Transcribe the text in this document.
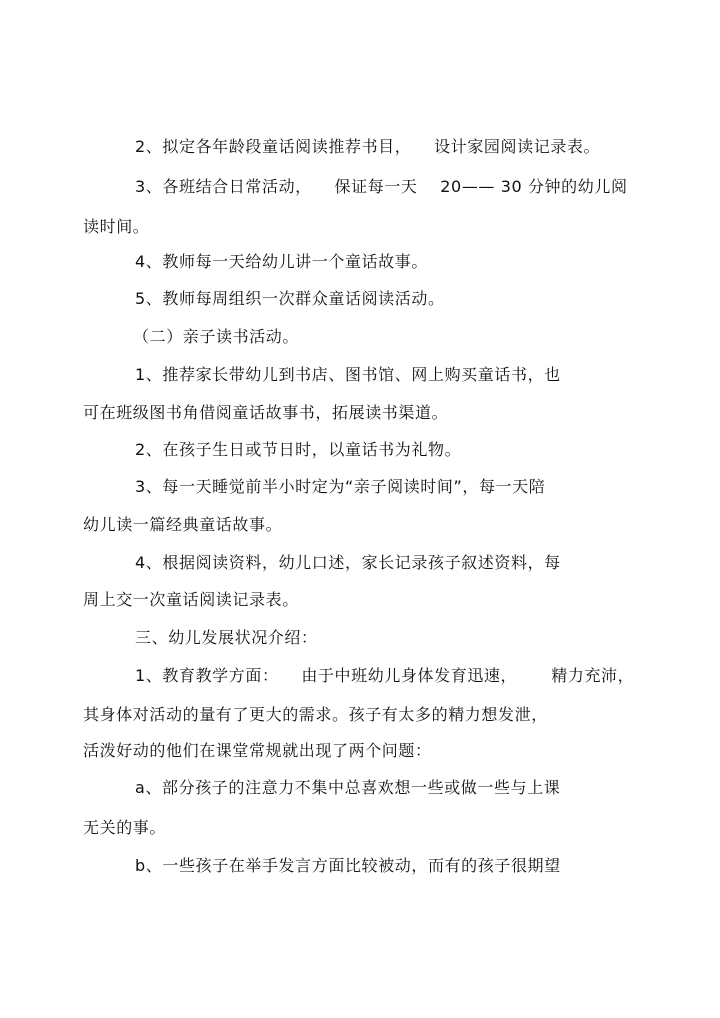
2、拟定各年龄段童话阅读推荐书目，    设计家园阅读记录表。
3、各班结合日常活动，    保证每一天    20—— 30 分钟的幼儿阅
读时间。
4、教师每一天给幼儿讲一个童话故事。
5、教师每周组织一次群众童话阅读活动。
（二）亲子读书活动。
1、推荐家长带幼儿到书店、图书馆、网上购买童话书，也
可在班级图书角借阅童话故事书，拓展读书渠道。
2、在孩子生日或节日时，以童话书为礼物。
3、每一天睡觉前半小时定为“亲子阅读时间”，每一天陪
幼儿读一篇经典童话故事。
4、根据阅读资料，幼儿口述，家长记录孩子叙述资料，每
周上交一次童话阅读记录表。
三、幼儿发展状况介绍：
1、教育教学方面：    由于中班幼儿身体发育迅速，      精力充沛，
其身体对活动的量有了更大的需求。孩子有太多的精力想发泄，
活泼好动的他们在课堂常规就出现了两个问题：
a、部分孩子的注意力不集中总喜欢想一些或做一些与上课
无关的事。
b、一些孩子在举手发言方面比较被动，而有的孩子很期望
